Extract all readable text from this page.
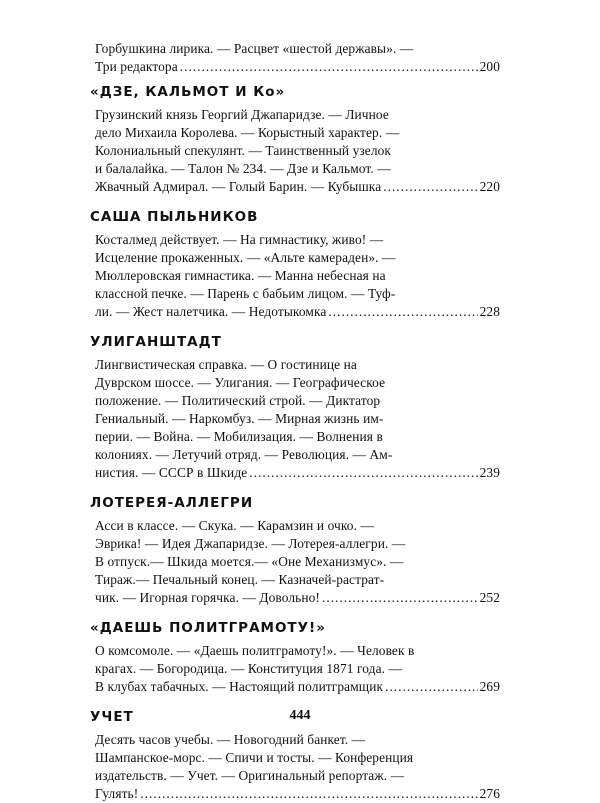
Горбушкина лирика. — Расцвет «шестой державы». —
Три редактора .....	200
«ДЗЕ, КАЛЬМОТ И Ко»
Грузинский князь Георгий Джапаридзе. — Личное
дело Михаила Королева. — Корыстный характер. —
Колониальный спекулянт. — Таинственный узелок
и балалайка. — Талон № 234. — Дзе и Кальмот. —
Жвачный Адмирал. — Голый Барин. — Кубышка .....	220
САША ПЫЛЬНИКОВ
Косталмед действует. — На гимнастику, живо! —
Исцеление прокаженных. — «Альте камераден». —
Мюллеровская гимнастика. — Манна небесная на
классной печке. — Парень с бабьим лицом. — Туф-
ли. — Жест налетчика. — Недотыкомка .....	228
УЛИГАНШТАДТ
Лингвистическая справка. — О гостинице на
Дуврском шоссе. — Улигания. — Географическое
положение. — Политический строй. — Диктатор
Гениальный. — Наркомбуз. — Мирная жизнь им-
перии. — Война. — Мобилизация. — Волнения в
колониях. — Летучий отряд. — Революция. — Ам-
нистия. — СССР в Шкиде .....	239
ЛОТЕРЕЯ-АЛЛЕГРИ
Асси в классе. — Скука. — Карамзин и очко. —
Эврика! — Идея Джапаридзе. — Лотерея-аллегри. —
В отпуск.— Шкида моется.— «Оне Механизмус». —
Тираж.— Печальный конец. — Казначей-растрат-
чик. — Игорная горячка. — Довольно! .....	252
«ДАЕШЬ ПОЛИТГРАМОТУ!»
О комсомоле. — «Даешь политграмоту!». — Человек в
крагах. — Богородица. — Конституция 1871 года. —
В клубах табачных. — Настоящий политграмщик .....	269
УЧЕТ
Десять часов учебы. — Новогодний банкет. —
Шампанское-морс. — Спичи и тосты. — Конференция
издательств. — Учет. — Оригинальный репортаж. —
Гулять! .....	276
444
